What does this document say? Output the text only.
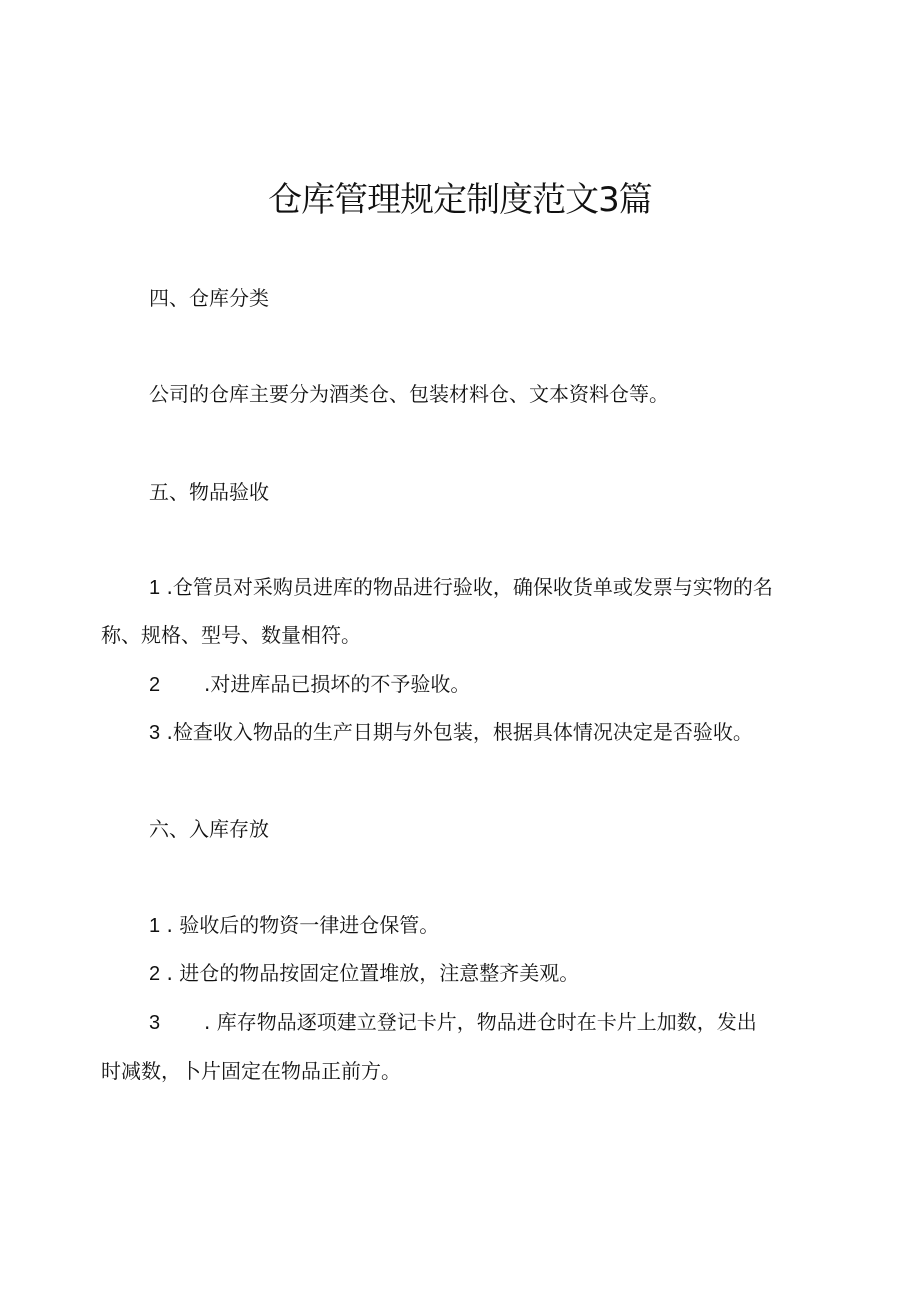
仓库管理规定制度范文3篇
四、仓库分类
公司的仓库主要分为酒类仓、包装材料仓、文本资料仓等。
五、物品验收
1 .仓管员对采购员进库的物品进行验收，确保收货单或发票与实物的名
称、规格、型号、数量相符。
2 .对进库品已损坏的不予验收。
3 .检查收入物品的生产日期与外包装，根据具体情况决定是否验收。
六、入库存放
1 . 验收后的物资一律进仓保管。
2 . 进仓的物品按固定位置堆放，注意整齐美观。
3 . 库存物品逐项建立登记卡片，物品进仓时在卡片上加数，发出
时减数，卜片固定在物品正前方。
